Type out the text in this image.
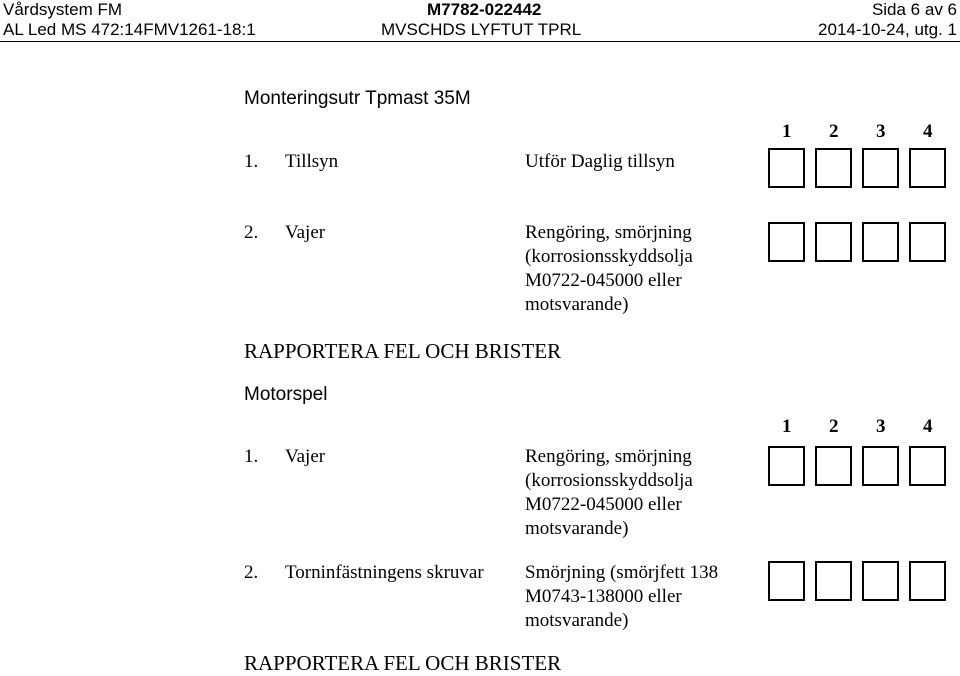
Vårdsystem FM	M7782-022442	Sida 6 av 6
AL Led MS 472:14FMV1261-18:1	MVSCHDS LYFTUT TPRL	2014-10-24, utg. 1
Monteringsutr Tpmast 35M
1 2 3 4
1. Tillsyn	Utför Daglig tillsyn
2. Vajer	Rengöring, smörjning
(korrosionsskyddsolja
M0722-045000 eller
motsvarande)
RAPPORTERA FEL OCH BRISTER
Motorspel
1 2 3 4
1. Vajer	Rengöring, smörjning
(korrosionsskyddsolja
M0722-045000 eller
motsvarande)
2. Torninfästningens skruvar Smörjning (smörjfett 138
M0743-138000 eller
motsvarande)
RAPPORTERA FEL OCH BRISTER
